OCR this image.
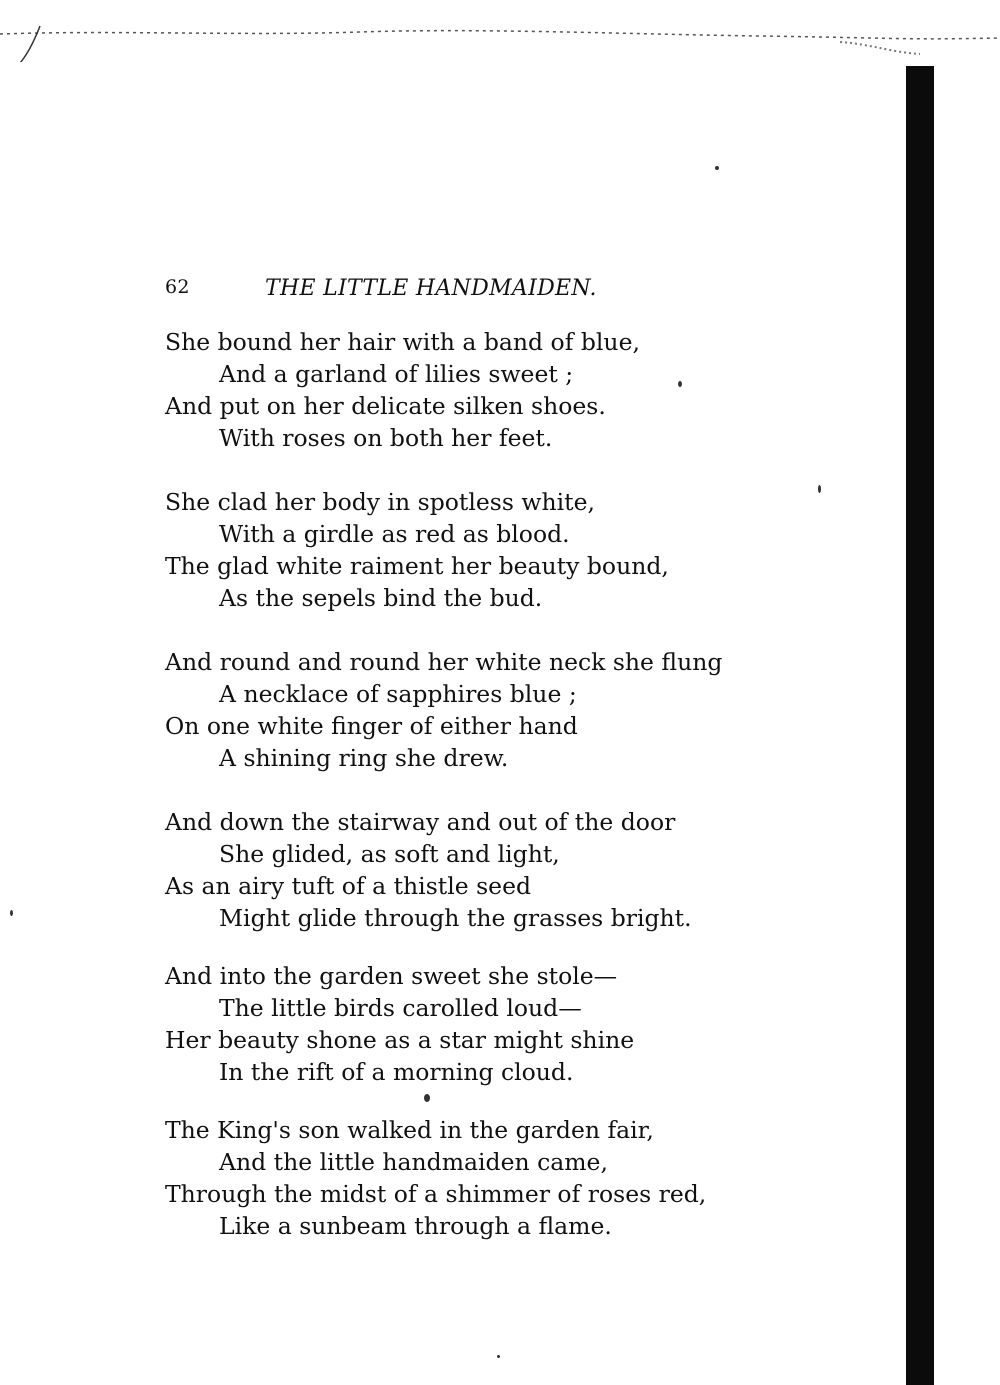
62	THE LITTLE HANDMAIDEN.
She bound her hair with a band of blue,
And a garland of lilies sweet ;
And put on her delicate silken shoes.
With roses on both her feet.
She clad her body in spotless white,
With a girdle as red as blood.
The glad white raiment her beauty bound,
As the sepels bind the bud.
And round and round her white neck she flung
A necklace of sapphires blue ;
On one white finger of either hand
A shining ring she drew.
And down the stairway and out of the door
She glided, as soft and light,
As an airy tuft of a thistle seed
Might glide through the grasses bright.
And into the garden sweet she stole—
The little birds carolled loud—
Her beauty shone as a star might shine
In the rift of a morning cloud.
The King's son walked in the garden fair,
And the little handmaiden came,
Through the midst of a shimmer of roses red,
Like a sunbeam through a flame.
